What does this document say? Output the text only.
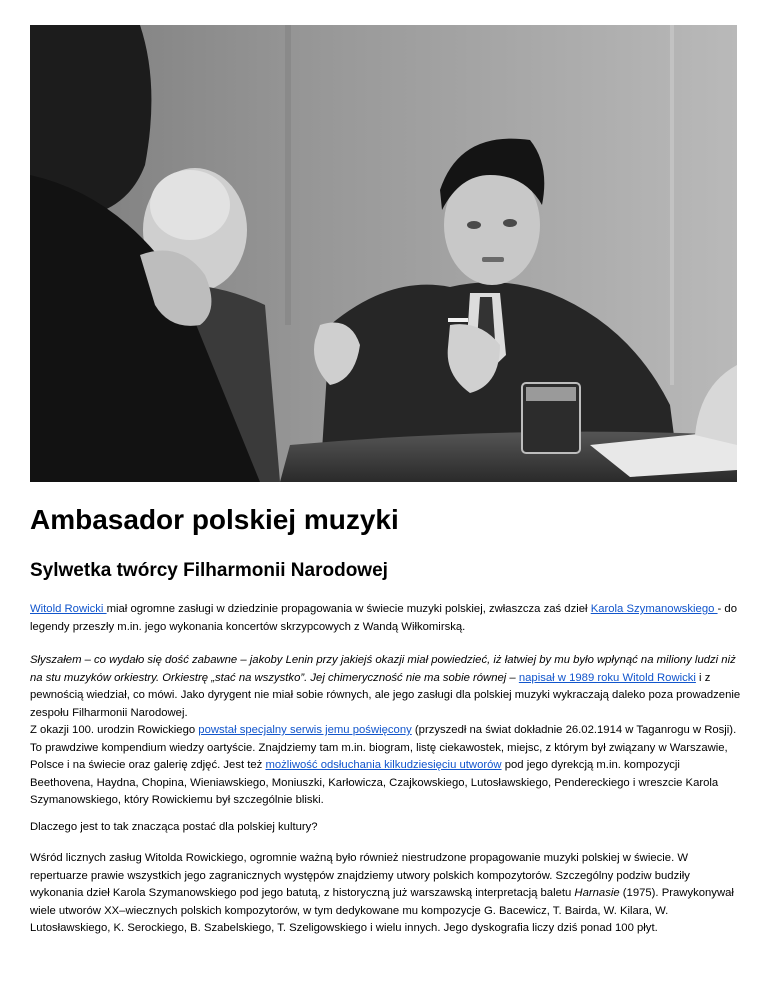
Ambasador polskiej muzyki
Sylwetka twórcy Filharmonii Narodowej

Witold Rowicki miał ogromne zasługi w dziedzinie propagowania w świecie muzyki polskiej, zwłaszcza zaś dzieł Karola Szymanowskiego - do legendy przeszły m.in. jego wykonania koncertów skrzypcowych z Wandą Wiłkomirską.

Słyszałem – co wydało się dość zabawne – jakoby Lenin przy jakiejś okazji miał powiedzieć, iż łatwiej by mu było wpłynąć na miliony ludzi niż na stu muzyków orkiestry. Orkiestrę „stać na wszystko”. Jej chimeryczność nie ma sobie równej – napisał w 1989 roku Witold Rowicki i z pewnością wiedział, co mówi. Jako dyrygent nie miał sobie równych, ale jego zasługi dla polskiej muzyki wykraczają daleko poza prowadzenie zespołu Filharmonii Narodowej.

Z okazji 100. urodzin Rowickiego powstał specjalny serwis jemu poświęcony (przyszedł na świat dokładnie 26.02.1914 w Taganrogu w Rosji). To prawdziwe kompendium wiedzy oartyście. Znajdziemy tam m.in. biogram, listę ciekawostek, miejsc, z którym był związany w Warszawie, Polsce i na świecie oraz galerię zdjęć. Jest też możliwość odsłuchania kilkudziesięciu utworów pod jego dyrekcją m.in. kompozycji Beethovena, Haydna, Chopina, Wieniawskiego, Moniuszki, Karłowicza, Czajkowskiego, Lutosławskiego, Pendereckiego i wreszcie Karola Szymanowskiego, który Rowickiemu był szczególnie bliski.

Dlaczego jest to tak znacząca postać dla polskiej kultury?

Wśród licznych zasług Witolda Rowickiego, ogromnie ważną było również niestrudzone propagowanie muzyki polskiej w świecie. W repertuarze prawie wszystkich jego zagranicznych występów znajdziemy utwory polskich kompozytorów. Szczególny podziw budziły wykonania dzieł Karola Szymanowskiego pod jego batutą, z historyczną już warszawską interpretacją baletu Harnasie (1975). Prawykonywał wiele utworów XX–wiecznych polskich kompozytorów, w tym dedykowane mu kompozycje G. Bacewicz, T. Bairda, W. Kilara, W. Lutosławskiego, K. Serockiego, B. Szabelskiego, T. Szeligowskiego i wielu innych. Jego dyskografia liczy dziś ponad 100 płyt.
